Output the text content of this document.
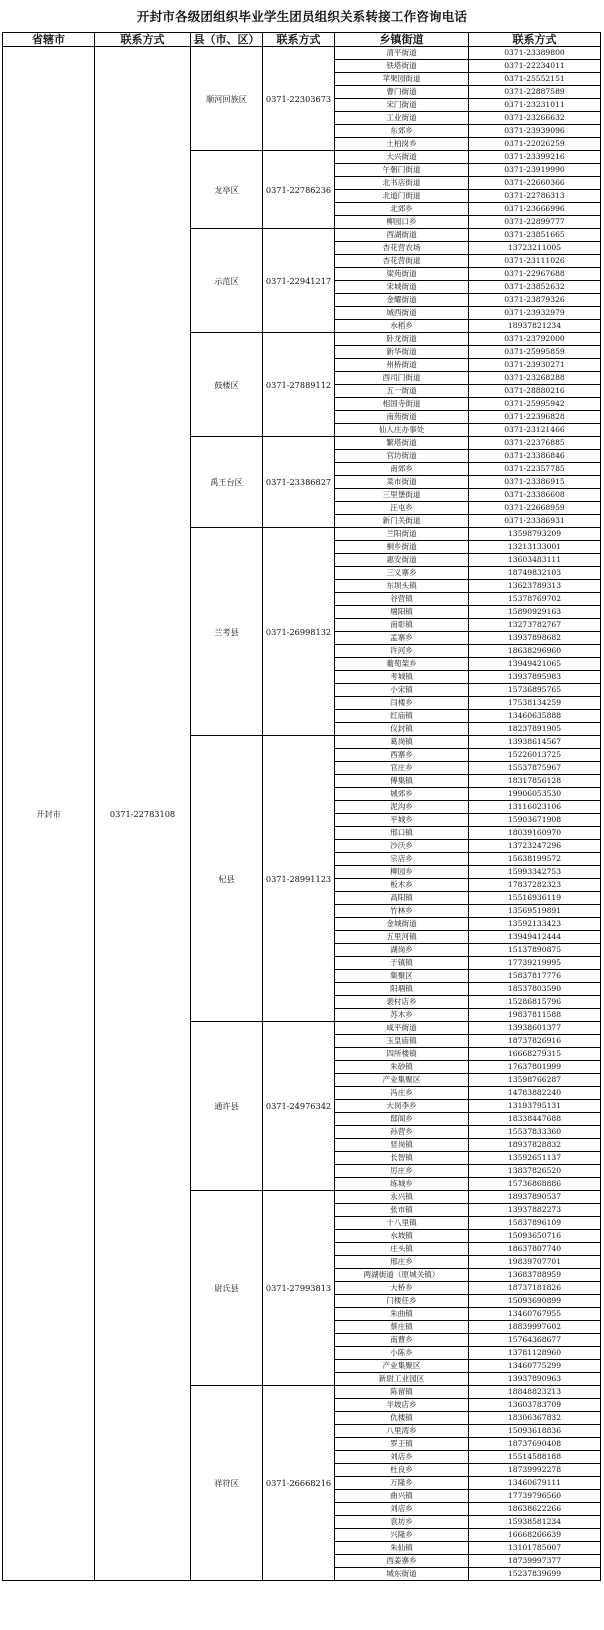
开封市各级团组织毕业学生团员组织关系转接工作咨询电话
省辖市	联系方式	县（市、区）	联系方式	乡镇街道	联系方式
开封市	0371-22783108	顺河回族区	0371-22303673	清平街道	0371-23389800
				铁塔街道	0371-22234011
				苹果园街道	0371-25552151
				曹门街道	0371-22887589
				宋门街道	0371-23231011
				工业街道	0371-23266632
				东郊乡	0371-23939096
				土柏岗乡	0371-22026259
		龙亭区	0371-22786236	大兴街道	0371-23399216
				午朝门街道	0371-23919990
				北书店街道	0371-22660366
				北道门街道	0371-22786313
				北郊乡	0371-23666996
				柳园口乡	0371-22899777
		示范区	0371-22941217	西湖街道	0371-23851665
				杏花营农场	13723211005
				杏花营街道	0371-23111026
				梁苑街道	0371-22967688
				宋城街道	0371-23852632
				金耀街道	0371-23879326
				城西街道	0371-23932979
				水稻乡	18937821234
		鼓楼区	0371-27889112	卧龙街道	0371-23792000
				新华街道	0371-25995859
				州桥街道	0371-23930271
				西司门街道	0371-23268288
				五一街道	0371-28880216
				相国寺街道	0371-25995942
				南苑街道	0371-22396828
				仙人庄办事处	0371-23121466
		禹王台区	0371-23386827	繁塔街道	0371-22376885
				官坊街道	0371-23386846
				南郊乡	0371-22357785
				菜市街道	0371-23386915
				三里堡街道	0371-23386608
				汪屯乡	0371-22668959
				新门关街道	0371-23386931
		兰考县	0371-26998132	兰阳街道	13598793209
				桐乡街道	13213133001
				惠安街道	13603483111
				三义寨乡	18749832103
				东坝头镇	13623789313
				谷营镇	15378769702
				堌阳镇	15890929163
				南彰镇	13273782767
				孟寨乡	13937898682
				许河乡	18638296960
				葡萄架乡	13949421065
				考城镇	13937895983
				小宋镇	15736895765
				闫楼乡	17538134259
				红庙镇	13460635888
				仪封镇	18237891905
		杞县	0371-28991123	葛岗镇	13938614567
				西寨乡	15226013725
				官庄乡	15537875967
				傅集镇	18317856128
				城郊乡	19906053530
				泥沟乡	13116023106
				平城乡	15903671908
				邢口镇	18039160970
				沙沃乡	13723247296
				宗店乡	15638199572
				柳园乡	15993342753
				板木乡	17837282323
				高阳镇	15516936119
				竹林乡	13569519891
				金城街道	13592133423
				五里河镇	13949412444
				湖岗乡	15137890875
				于镇镇	17739219995
				集聚区	15837817776
				阳堌镇	18537803590
				裴村店乡	15286815796
				苏木乡	19837811588
		通许县	0371-24976342	咸平街道	13938601377
				玉皇庙镇	18737826916
				四所楼镇	16668279315
				朱砂镇	17637801999
				产业集聚区	13598766287
				冯庄乡	14783882240
				大岗李乡	13193795131
				邸阁乡	18338447688
				孙营乡	15537833360
				竖岗镇	18937828832
				长智镇	13592651137
				厉庄乡	13837826520
				练城乡	15736868886
		尉氏县	0371-27993813	永兴镇	18937890537
				张市镇	13937882273
				十八里镇	15837896109
				水坡镇	15093650716
				庄头镇	18637807740
				邢庄乡	19839707701
				两湖街道（原城关镇）	13683788959
				大桥乡	18737181826
				门楼任乡	15093690899
				朱曲镇	13460767955
				蔡庄镇	18839997602
				南曹乡	15764368677
				小陈乡	13781128960
				产业集聚区	13460775299
				新尉工业园区	13937890963
		祥符区	0371-26668216	陈留镇	18848823213
				半坡店乡	13603783709
				仇楼镇	18306367832
				八里湾乡	15093618836
				罗王镇	18737690408
				刘店乡	15514588188
				杜良乡	18739992278
				万隆乡	13460679111
				曲兴镇	17739796560
				刘店乡	18638622266
				袁坊乡	15938581234
				兴隆乡	16668266639
				朱仙镇	13101785007
				西姜寨乡	18739997377
				城东街道	15237839699
